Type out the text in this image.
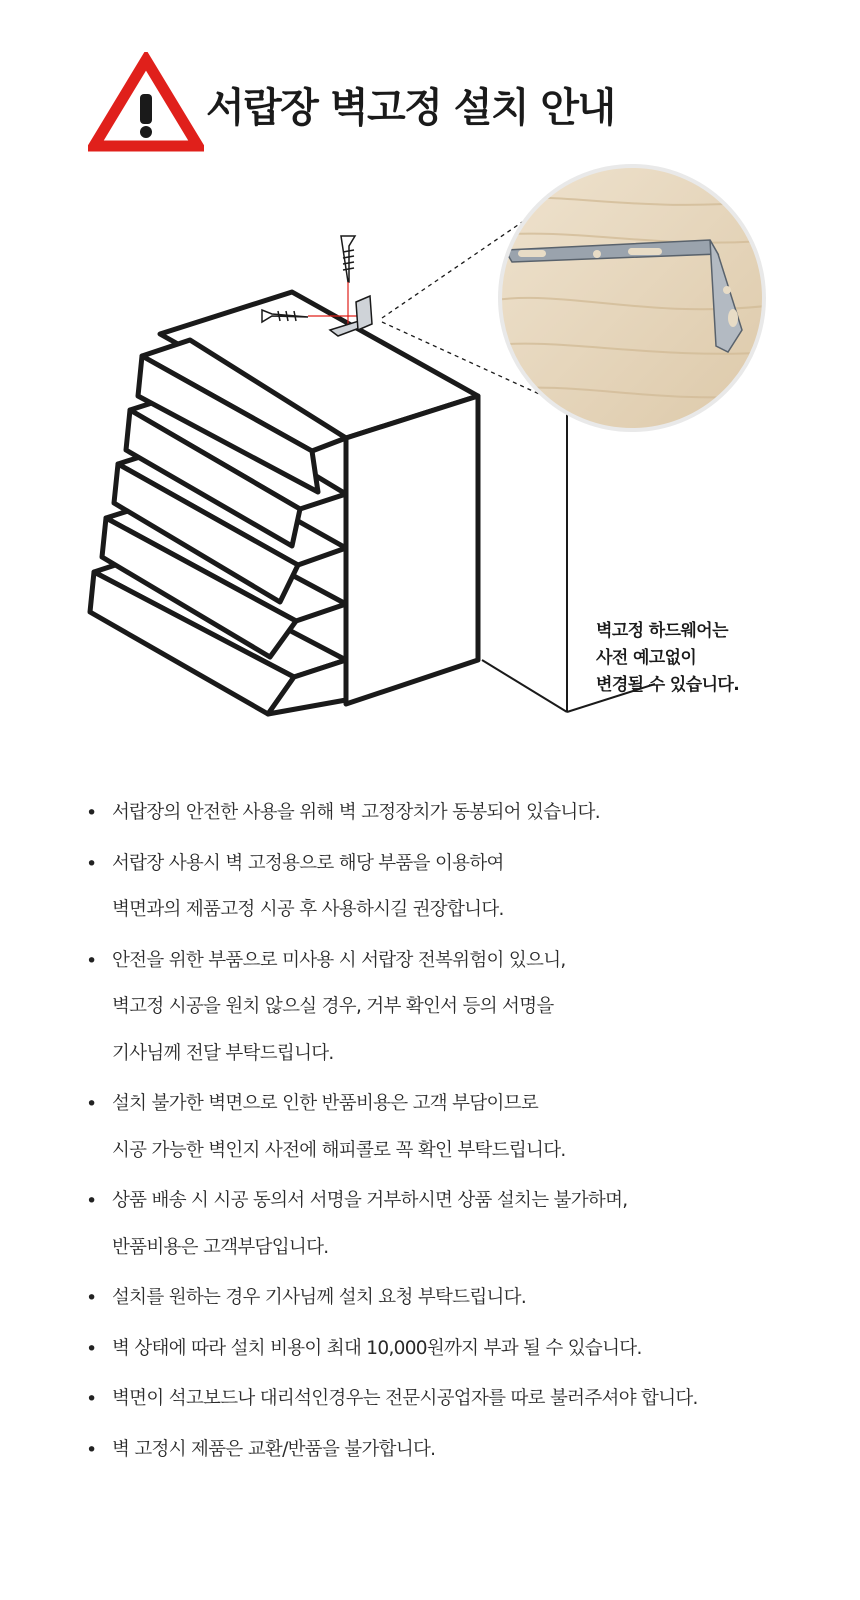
서랍장 벽고정 설치 안내
벽고정 하드웨어는
사전 예고없이
변경될 수 있습니다.
• 서랍장의 안전한 사용을 위해 벽 고정장치가 동봉되어 있습니다.
• 서랍장 사용시 벽 고정용으로 해당 부품을 이용하여
벽면과의 제품고정 시공 후 사용하시길 권장합니다.
• 안전을 위한 부품으로 미사용 시 서랍장 전복위험이 있으니,
벽고정 시공을 원치 않으실 경우, 거부 확인서 등의 서명을
기사님께 전달 부탁드립니다.
• 설치 불가한 벽면으로 인한 반품비용은 고객 부담이므로
시공 가능한 벽인지 사전에 해피콜로 꼭 확인 부탁드립니다.
• 상품 배송 시 시공 동의서 서명을 거부하시면 상품 설치는 불가하며,
반품비용은 고객부담입니다.
• 설치를 원하는 경우 기사님께 설치 요청 부탁드립니다.
• 벽 상태에 따라 설치 비용이 최대 10,000원까지 부과 될 수 있습니다.
• 벽면이 석고보드나 대리석인경우는 전문시공업자를 따로 불러주셔야 합니다.
• 벽 고정시 제품은 교환/반품을 불가합니다.
